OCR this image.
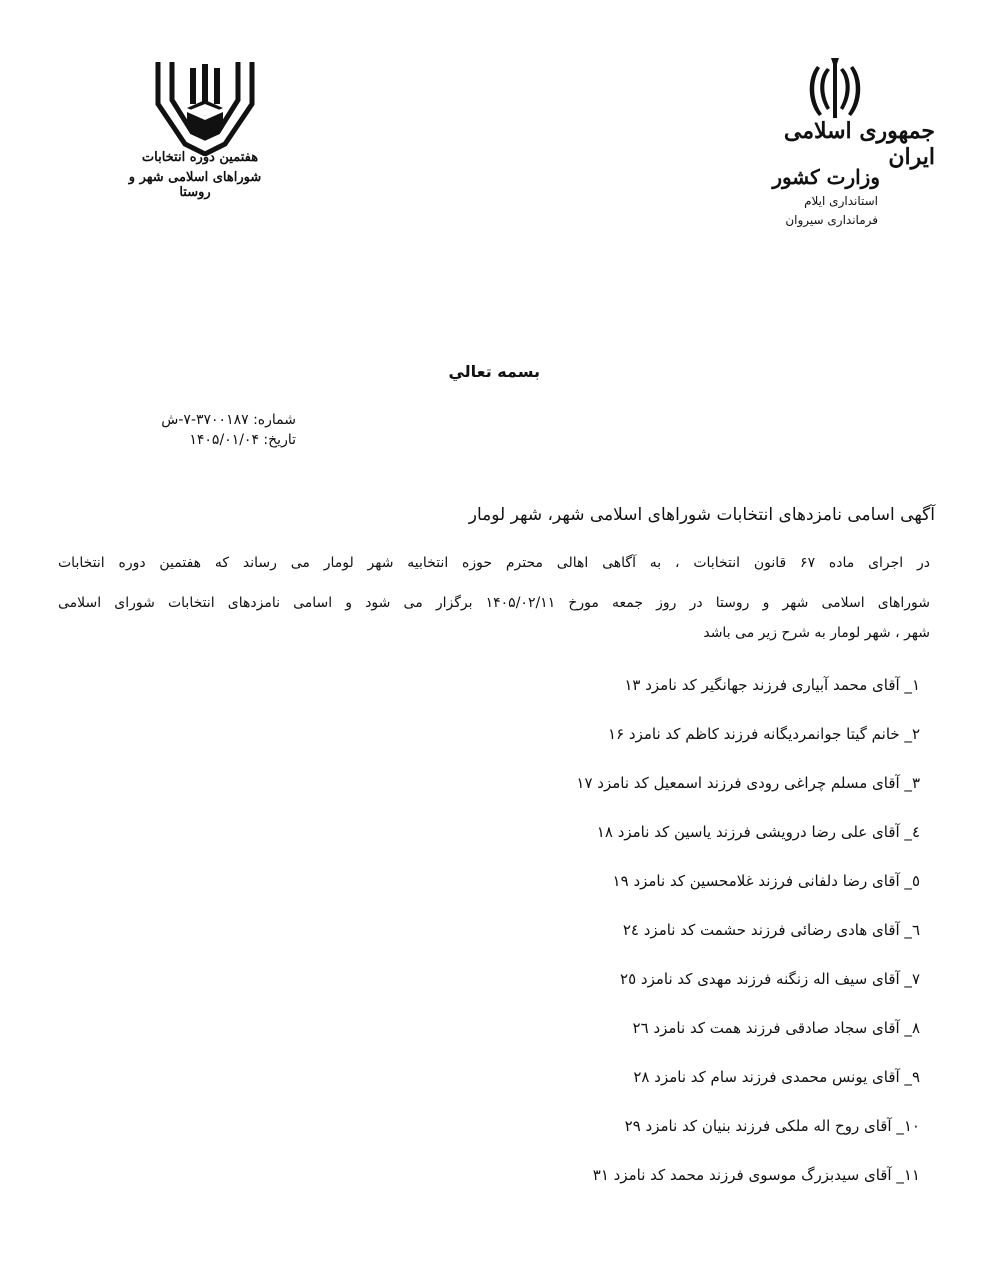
هفتمین دوره انتخابات
شوراهای اسلامی شهر و روستا
جمهوری اسلامی ایران
وزارت کشور
استانداری ایلام
فرمانداری سیروان
بسمه تعالي
شماره: ۳۷۰۰۱۸۷-۷-ش
تاریخ: ۱۴۰۵/۰۱/۰۴
آگهی اسامی نامزدهای انتخابات شوراهای اسلامی شهر، شهر لومار
در اجرای ماده ۶۷ قانون انتخابات ، به آگاهی اهالی محترم حوزه انتخابیه شهر لومار می رساند که هفتمین دوره انتخابات
شوراهای اسلامی شهر و روستا در روز جمعه مورخ ۱۴۰۵/۰۲/۱۱ برگزار می شود و اسامی نامزدهای انتخابات شورای اسلامی
شهر ، شهر لومار به شرح زیر می باشد
۱_ آقای محمد آبیاری فرزند جهانگیر کد نامزد ۱۳
۲_ خانم گیتا جوانمردیگانه فرزند کاظم کد نامزد ۱۶
۳_ آقای مسلم چراغی رودی فرزند اسمعیل کد نامزد ۱۷
٤_ آقای علی رضا درویشی فرزند یاسین کد نامزد ۱۸
٥_ آقای رضا دلفانی فرزند غلامحسین کد نامزد ۱۹
٦_ آقای هادی رضائی فرزند حشمت کد نامزد ۲٤
۷_ آقای سیف اله زنگنه فرزند مهدی کد نامزد ۲٥
۸_ آقای سجاد صادقی فرزند همت کد نامزد ۲٦
۹_ آقای یونس محمدی فرزند سام کد نامزد ۲۸
۱۰_ آقای روح اله ملکی فرزند بنیان کد نامزد ۲۹
۱۱_ آقای سیدبزرگ موسوی فرزند محمد کد نامزد ۳۱
